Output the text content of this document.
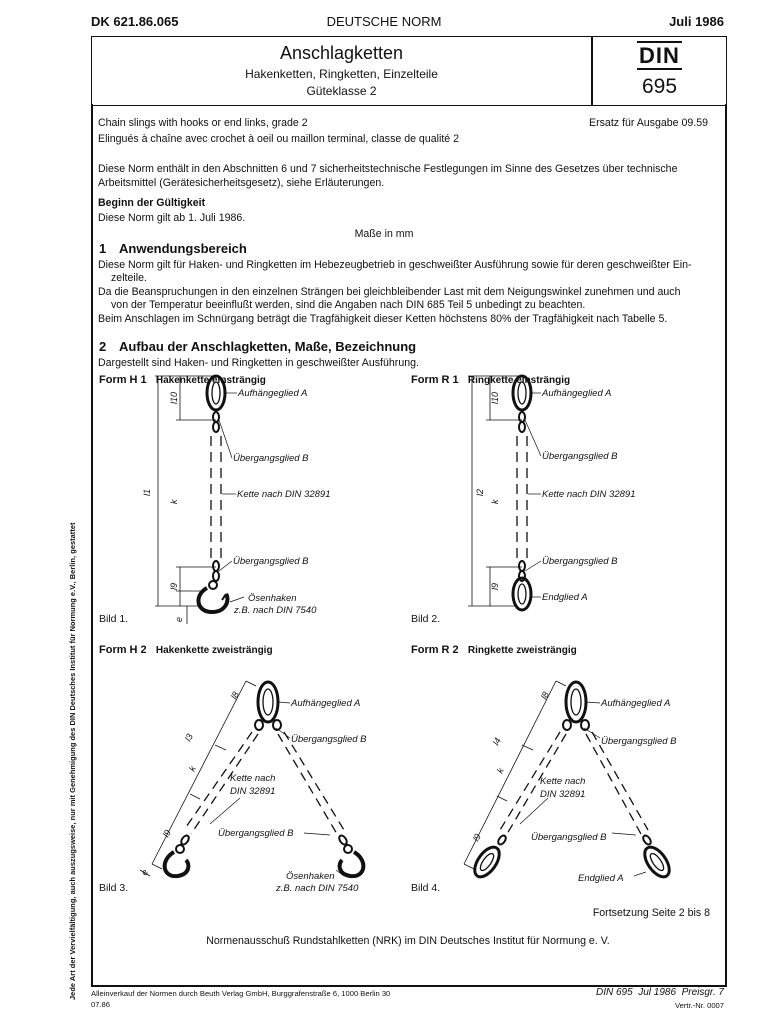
DK 621.86.065	DEUTSCHE NORM	Juli 1986
Anschlagketten
Hakenketten, Ringketten, Einzelteile
Güteklasse 2
DIN
695
Chain slings with hooks or end links, grade 2	Ersatz für Ausgabe 09.59
Elingués à chaîne avec crochet à oeil ou maillon terminal, classe de qualité 2
Diese Norm enthält in den Abschnitten 6 und 7 sicherheitstechnische Festlegungen im Sinne des Gesetzes über technische Arbeitsmittel (Gerätesicherheitsgesetz), siehe Erläuterungen.
Beginn der Gültigkeit
Diese Norm gilt ab 1. Juli 1986.
Maße in mm
1 Anwendungsbereich
Diese Norm gilt für Haken- und Ringketten im Hebezeugbetrieb in geschweißter Ausführung sowie für deren geschweißter Ein-
zelteile.
Da die Beanspruchungen in den einzelnen Strängen bei gleichbleibender Last mit dem Neigungswinkel zunehmen und auch
von der Temperatur beeinflußt werden, sind die Angaben nach DIN 685 Teil 5 unbedingt zu beachten.
Beim Anschlagen im Schnürgang beträgt die Tragfähigkeit dieser Ketten höchstens 80% der Tragfähigkeit nach Tabelle 5.
2 Aufbau der Anschlagketten, Maße, Bezeichnung
Dargestellt sind Haken- und Ringketten in geschweißter Ausführung.
Form H 1 Hakenkette einsträngig	Form R 1 Ringkette einsträngig
Form H 2 Hakenkette zweisträngig	Form R 2 Ringkette zweisträngig
l1
l10
k
l9
e
l2
l10
k
l9
l8
l3
k
l9
e
l8
l4
k
l9
Aufhängeglied A
Übergangsglied B
Kette nach DIN 32891
Übergangsglied B
Ösenhaken
z.B. nach DIN 7540
Aufhängeglied A
Übergangsglied B
Kette nach DIN 32891
Übergangsglied B
Endglied A
Aufhängeglied A
Übergangsglied B
Kette nach
DIN 32891
Übergangsglied B
Ösenhaken
z.B. nach DIN 7540
Aufhängeglied A
Übergangsglied B
Kette nach
DIN 32891
Übergangsglied B
Endglied A
Bild 1.	Bild 2.
Bild 3.	Bild 4.
Fortsetzung Seite 2 bis 8
Normenausschuß Rundstahlketten (NRK) im DIN Deutsches Institut für Normung e. V.
Jede Art der Vervielfältigung, auch auszugsweise, nur mit Genehmigung des DIN Deutsches Institut für Normung e.V., Berlin, gestattet Alleinverkauf der Normen durch Beuth Verlag GmbH, Burggrafenstraße 6, 1000 Berlin 30
07.86
DIN 695  Jul 1986  Preisgr. 7
Vertr.-Nr. 0007
